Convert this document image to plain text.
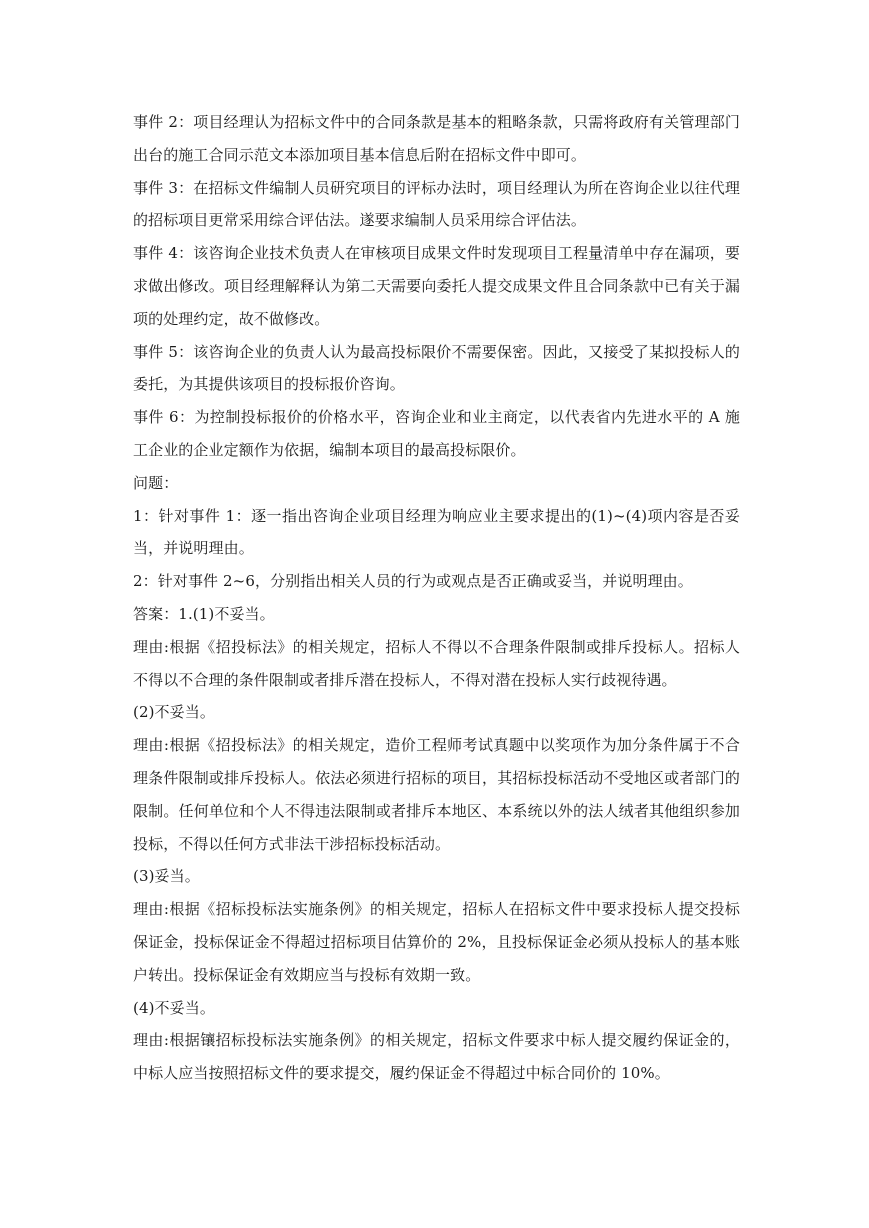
事件 2：项目经理认为招标文件中的合同条款是基本的粗略条款，只需将政府有关管理部门出台的施工合同示范文本添加项目基本信息后附在招标文件中即可。

事件 3：在招标文件编制人员研究项目的评标办法时，项目经理认为所在咨询企业以往代理的招标项目更常采用综合评估法。遂要求编制人员采用综合评估法。

事件 4：该咨询企业技术负责人在审核项目成果文件时发现项目工程量清单中存在漏项，要求做出修改。项目经理解释认为第二天需要向委托人提交成果文件且合同条款中已有关于漏项的处理约定，故不做修改。

事件 5：该咨询企业的负责人认为最高投标限价不需要保密。因此，又接受了某拟投标人的委托，为其提供该项目的投标报价咨询。

事件 6：为控制投标报价的价格水平，咨询企业和业主商定，以代表省内先进水平的 A 施工企业的企业定额作为依据，编制本项目的最高投标限价。

问题：

1：针对事件 1：逐一指出咨询企业项目经理为响应业主要求提出的(1)~(4)项内容是否妥当，并说明理由。

2：针对事件 2~6，分别指出相关人员的行为或观点是否正确或妥当，并说明理由。

答案：1.(1)不妥当。

理由:根据《招投标法》的相关规定，招标人不得以不合理条件限制或排斥投标人。招标人不得以不合理的条件限制或者排斥潜在投标人，不得对潜在投标人实行歧视待遇。

(2)不妥当。

理由:根据《招投标法》的相关规定，造价工程师考试真题中以奖项作为加分条件属于不合理条件限制或排斥投标人。依法必须进行招标的项目，其招标投标活动不受地区或者部门的限制。任何单位和个人不得违法限制或者排斥本地区、本系统以外的法人绒者其他组织参加投标，不得以任何方式非法干涉招标投标活动。

(3)妥当。

理由:根据《招标投标法实施条例》的相关规定，招标人在招标文件中要求投标人提交投标保证金，投标保证金不得超过招标项目估算价的 2%，且投标保证金必须从投标人的基本账户转出。投标保证金有效期应当与投标有效期一致。

(4)不妥当。

理由:根据镶招标投标法实施条例》的相关规定，招标文件要求中标人提交履约保证金的，中标人应当按照招标文件的要求提交，履约保证金不得超过中标合同价的 10%。
